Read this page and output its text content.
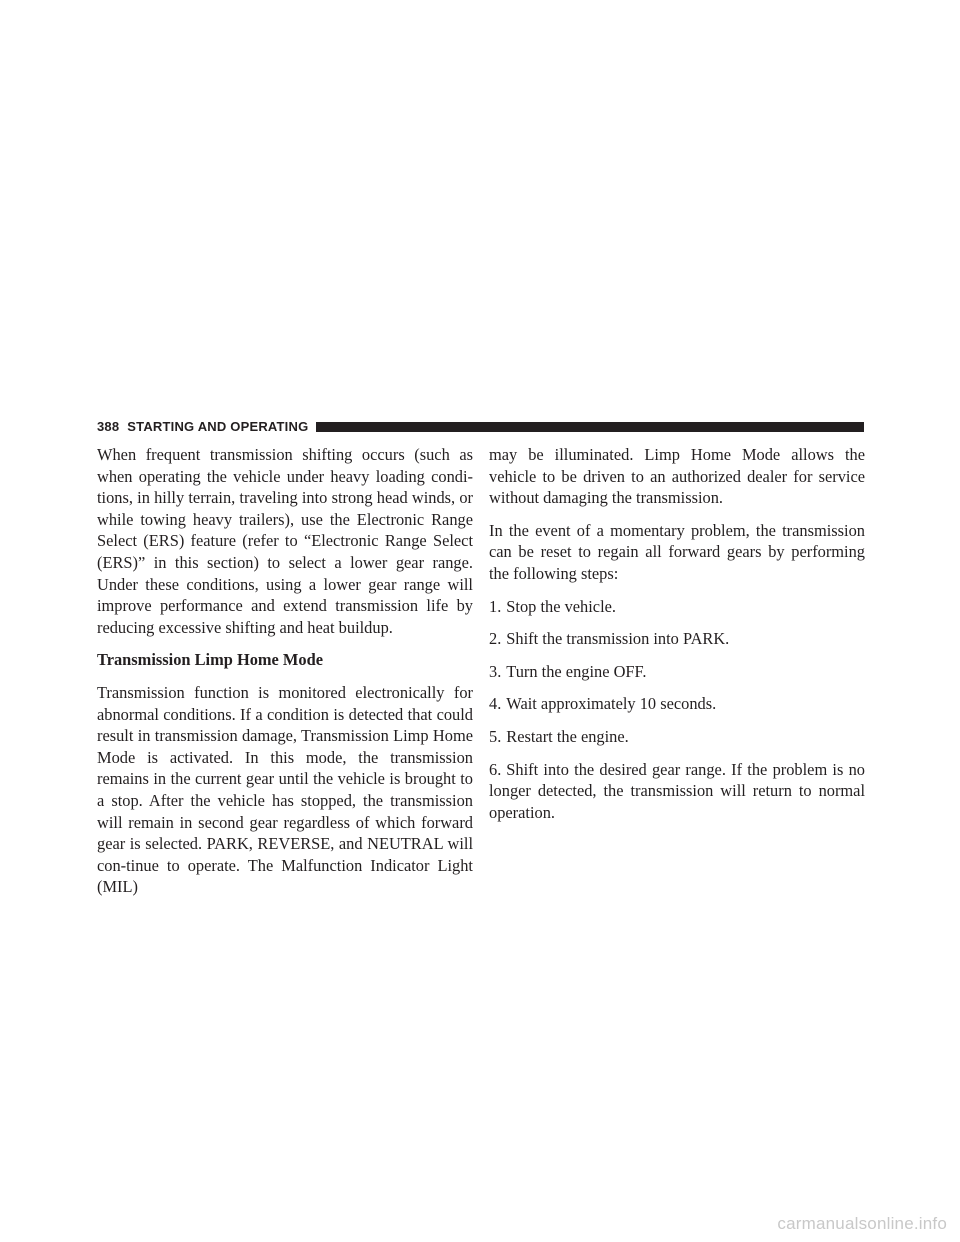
388 STARTING AND OPERATING

When frequent transmission shifting occurs (such as when operating the vehicle under heavy loading condi-tions, in hilly terrain, traveling into strong head winds, or while towing heavy trailers), use the Electronic Range Select (ERS) feature (refer to “Electronic Range Select (ERS)” in this section) to select a lower gear range. Under these conditions, using a lower gear range will improve performance and extend transmission life by reducing excessive shifting and heat buildup.

Transmission Limp Home Mode

Transmission function is monitored electronically for abnormal conditions. If a condition is detected that could result in transmission damage, Transmission Limp Home Mode is activated. In this mode, the transmission remains in the current gear until the vehicle is brought to a stop. After the vehicle has stopped, the transmission will remain in second gear regardless of which forward gear is selected. PARK, REVERSE, and NEUTRAL will con-tinue to operate. The Malfunction Indicator Light (MIL)

may be illuminated. Limp Home Mode allows the vehicle to be driven to an authorized dealer for service without damaging the transmission.

In the event of a momentary problem, the transmission can be reset to regain all forward gears by performing the following steps:

1. Stop the vehicle.
2. Shift the transmission into PARK.
3. Turn the engine OFF.
4. Wait approximately 10 seconds.
5. Restart the engine.
6. Shift into the desired gear range. If the problem is no longer detected, the transmission will return to normal operation.
carmanualsonline.info
